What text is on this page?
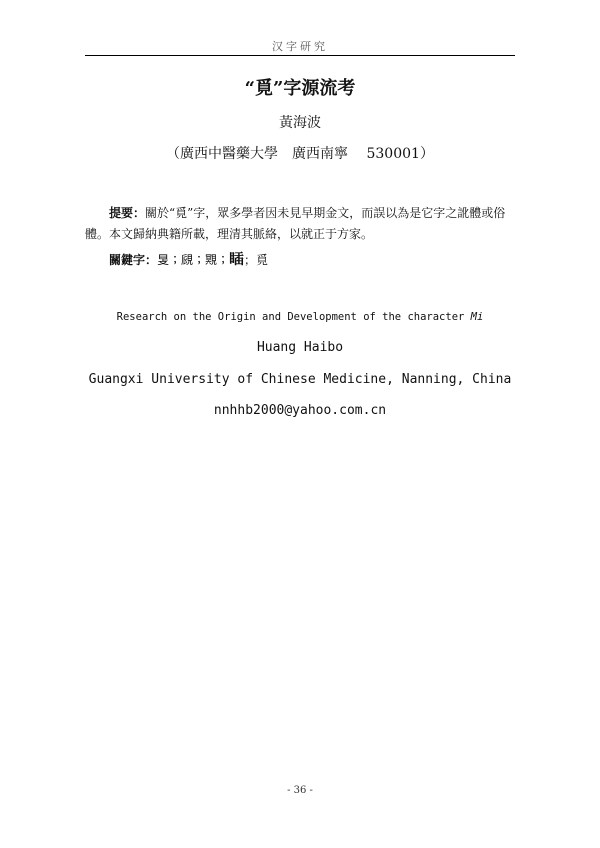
汉字研究
“覓”字源流考
黃海波
（廣西中醫藥大學　廣西南寧　 530001）
提要：關於“覓”字，眾多學者因未見早期金文，而誤以為是它字之訛體或俗體。本文歸納典籍所載，理清其脈絡，以就正于方家。
關鍵字：𥄎；覛；覭；𥈊；覓
Research on the Origin and Development of the character Mi
Huang Haibo
Guangxi University of Chinese Medicine, Nanning, China
nnhhb2000@yahoo.com.cn
- 36 -
